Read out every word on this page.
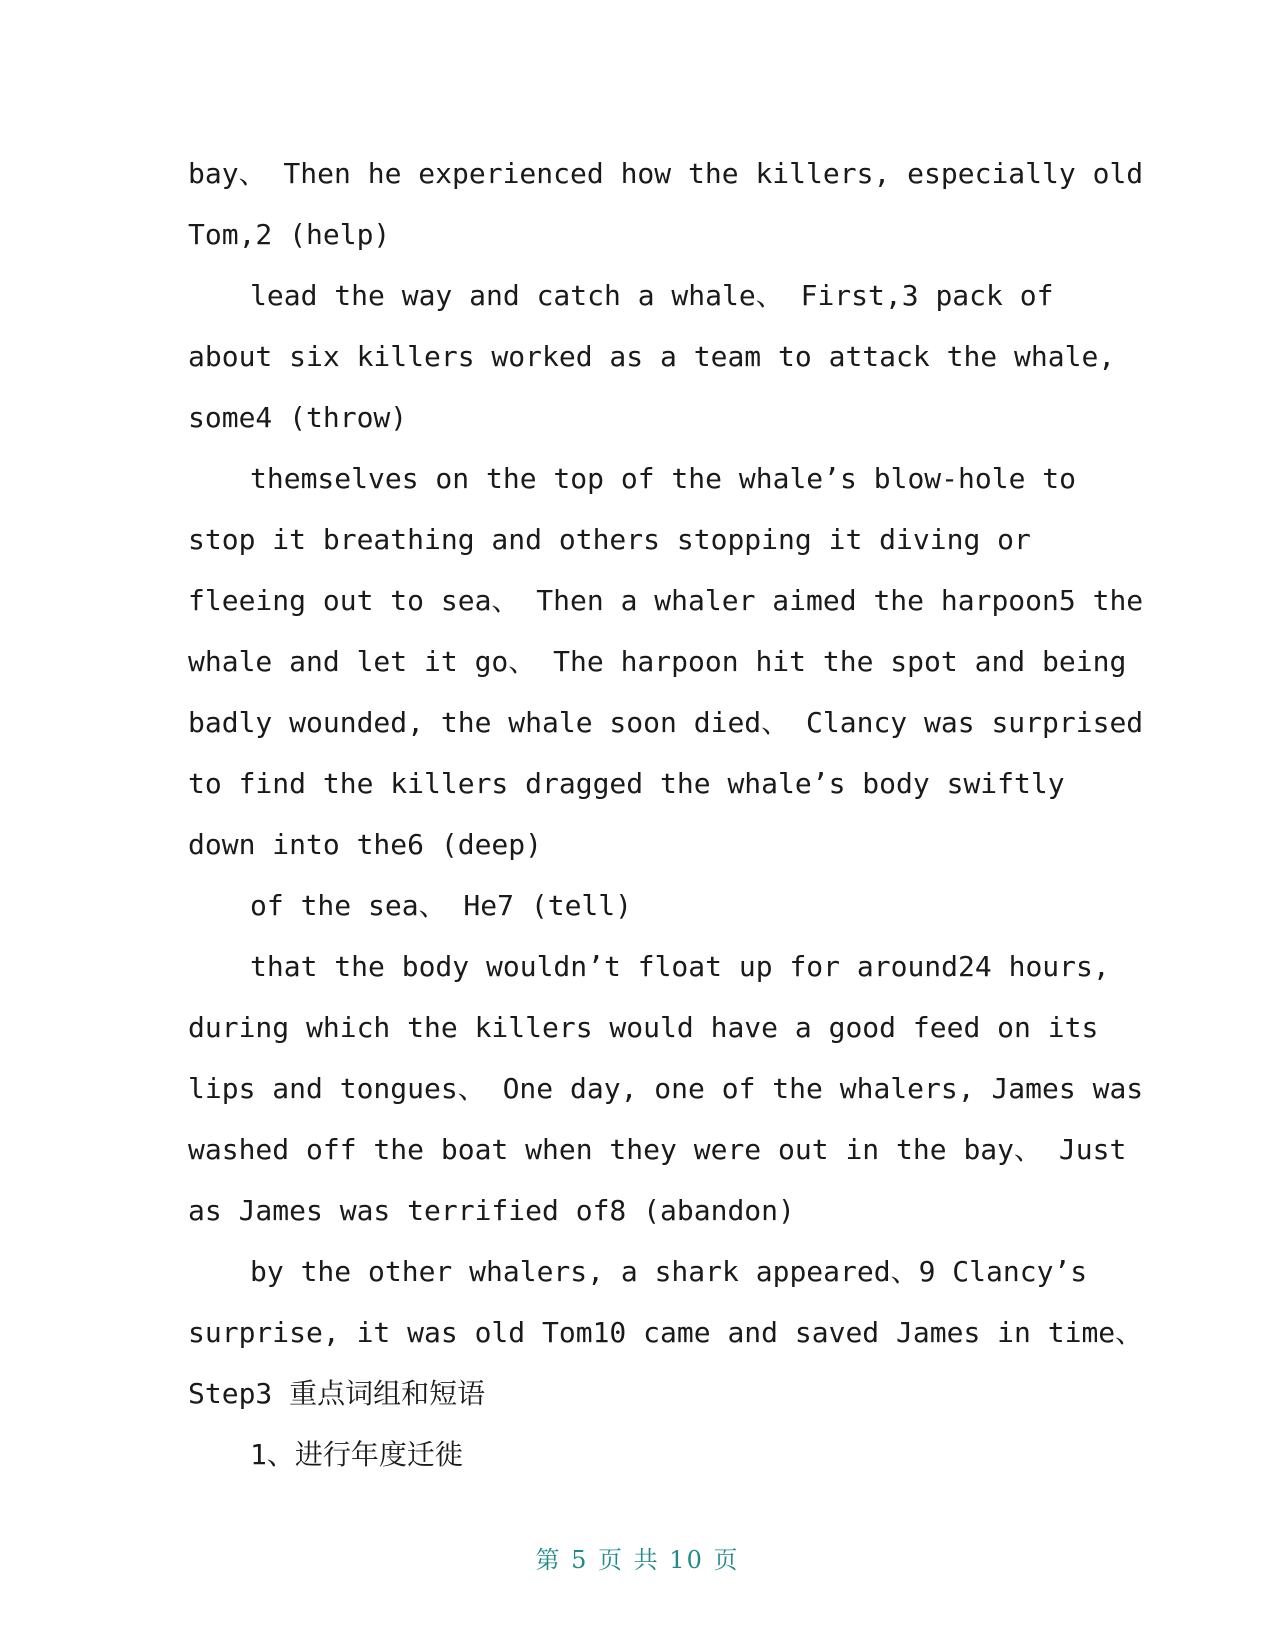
bay、 Then he experienced how the killers, especially old
Tom,2 (help)
lead the way and catch a whale、 First,3 pack of
about six killers worked as a team to attack the whale,
some4 (throw)
themselves on the top of the whale’s blow-hole to
stop it breathing and others stopping it diving or
fleeing out to sea、 Then a whaler aimed the harpoon5 the
whale and let it go、 The harpoon hit the spot and being
badly wounded, the whale soon died、 Clancy was surprised
to find the killers dragged the whale’s body swiftly
down into the6 (deep)
of the sea、 He7 (tell)
that the body wouldn’t float up for around24 hours,
during which the killers would have a good feed on its
lips and tongues、 One day, one of the whalers, James was
washed off the boat when they were out in the bay、 Just
as James was terrified of8 (abandon)
by the other whalers, a shark appeared、9 Clancy’s
surprise, it was old Tom10 came and saved James in time、
Step3 重点词组和短语
1、进行年度迁徙
第 5 页 共 10 页
